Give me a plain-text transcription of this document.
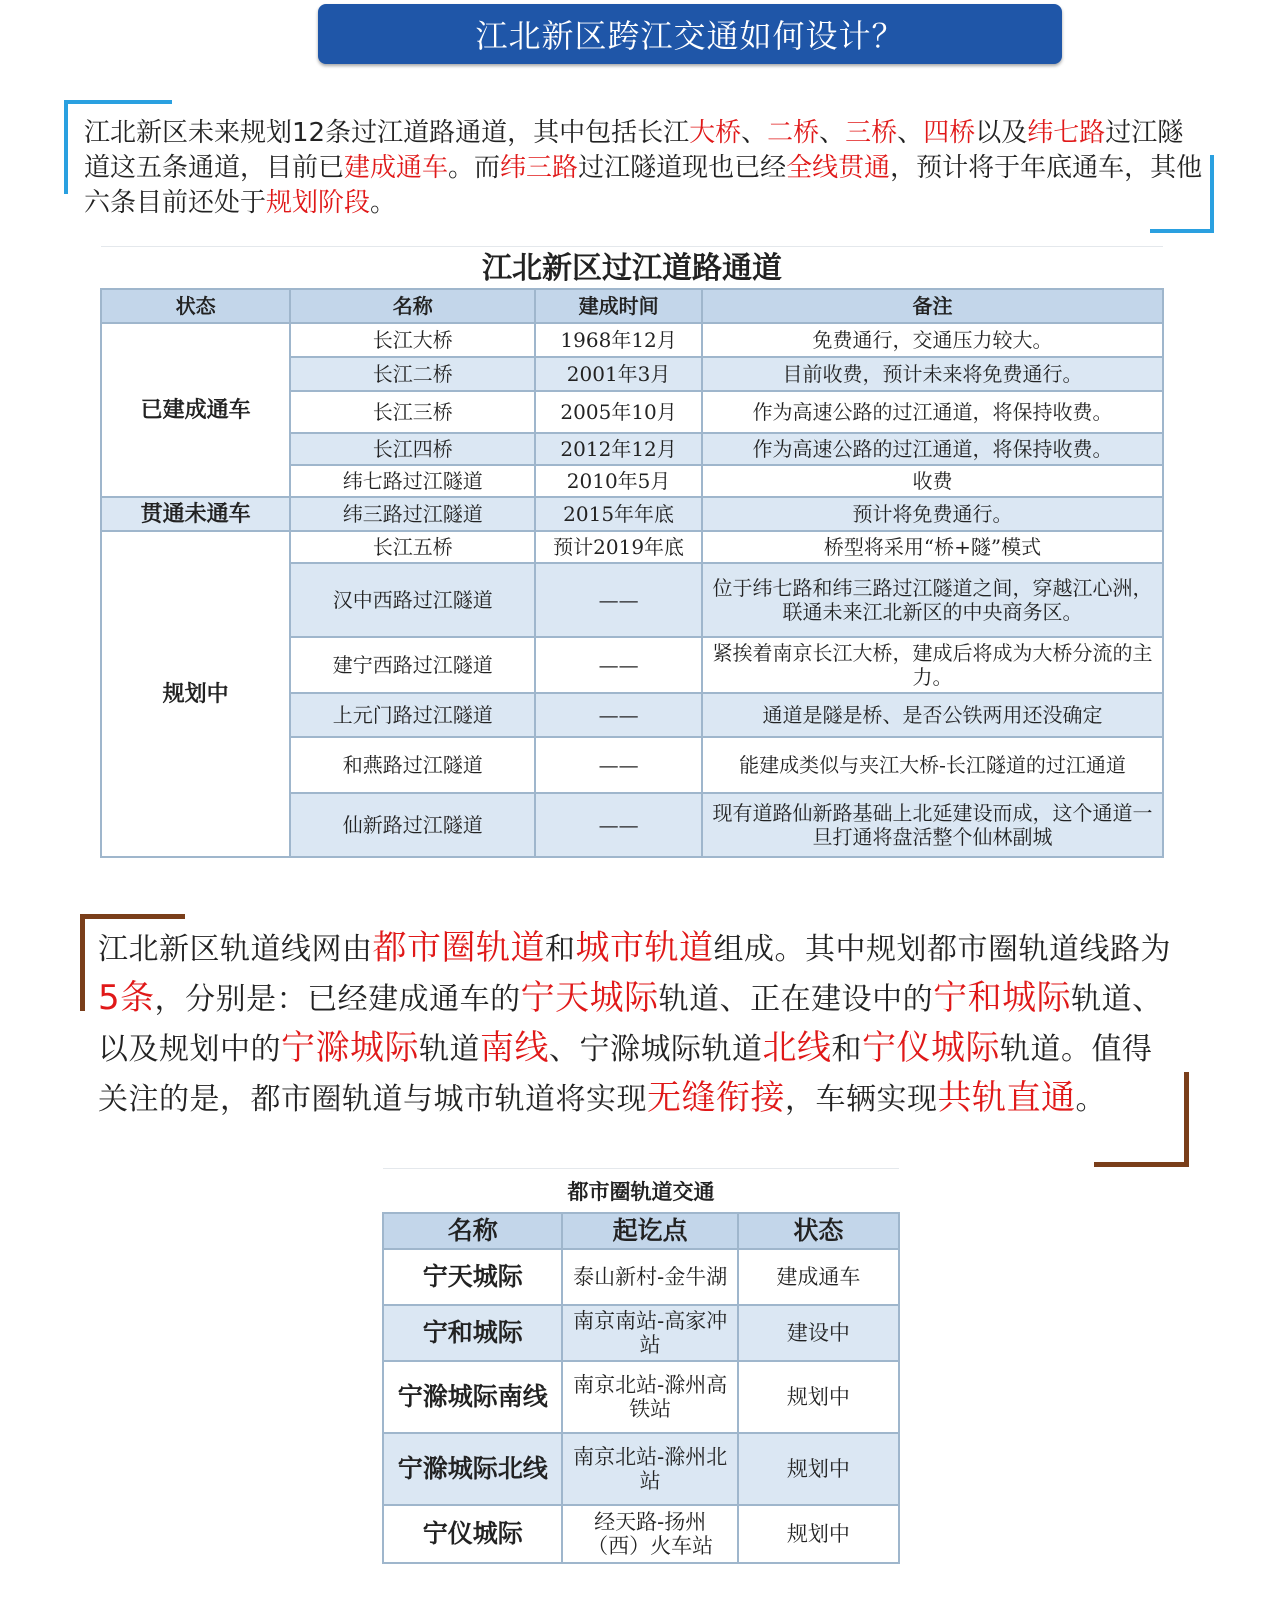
江北新区跨江交通如何设计？
江北新区未来规划12条过江道路通道，其中包括长江大桥、二桥、三桥、四桥以及纬七路过江隧道这五条通道，目前已建成通车。而纬三路过江隧道现也已经全线贯通，预计将于年底通车，其他六条目前还处于规划阶段。
江北新区过江道路通道			
状态	名称	建成时间	备注
已建成通车	长江大桥	1968年12月	免费通行，交通压力较大。
	长江二桥	2001年3月	目前收费，预计未来将免费通行。
	长江三桥	2005年10月	作为高速公路的过江通道，将保持收费。
	长江四桥	2012年12月	作为高速公路的过江通道，将保持收费。
	纬七路过江隧道	2010年5月	收费
贯通未通车	纬三路过江隧道	2015年年底	预计将免费通行。
规划中	长江五桥	预计2019年底	桥型将采用“桥+隧”模式
	汉中西路过江隧道	——	位于纬七路和纬三路过江隧道之间，穿越江心洲，联通未来江北新区的中央商务区。
	建宁西路过江隧道	——	紧挨着南京长江大桥，建成后将成为大桥分流的主力。
	上元门路过江隧道	——	通道是隧是桥、是否公铁两用还没确定
	和燕路过江隧道	——	能建成类似与夹江大桥-长江隧道的过江通道
	仙新路过江隧道	——	现有道路仙新路基础上北延建设而成，这个通道一旦打通将盘活整个仙林副城
江北新区轨道线网由都市圈轨道和城市轨道组成。其中规划都市圈轨道线路为5条，分别是：已经建成通车的宁天城际轨道、正在建设中的宁和城际轨道、以及规划中的宁滁城际轨道南线、宁滁城际轨道北线和宁仪城际轨道。值得关注的是，都市圈轨道与城市轨道将实现无缝衔接，车辆实现共轨直通。
都市圈轨道交通		
名称	起讫点	状态
宁天城际	泰山新村-金牛湖	建成通车
宁和城际	南京南站-高家冲站	建设中
宁滁城际南线	南京北站-滁州高铁站	规划中
宁滁城际北线	南京北站-滁州北站	规划中
宁仪城际	经天路-扬州（西）火车站	规划中
